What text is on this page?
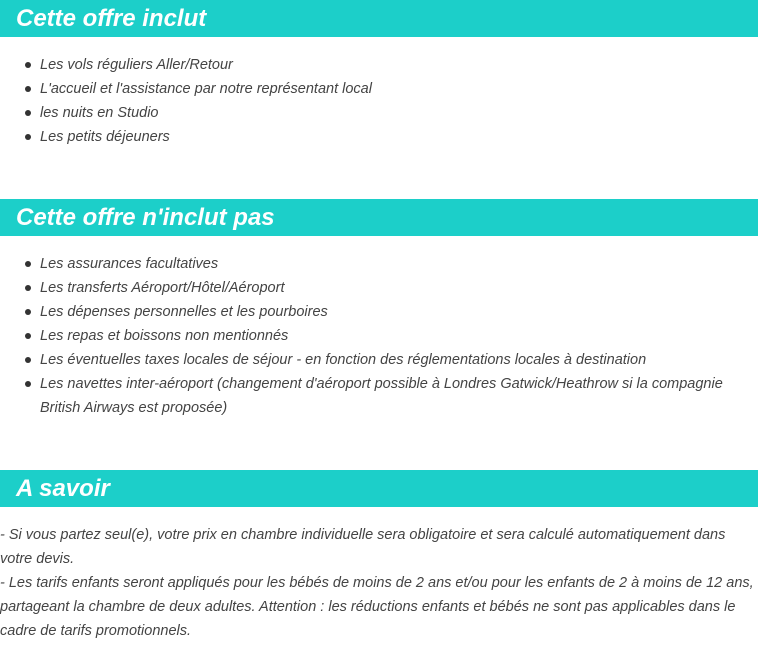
Cette offre inclut
Les vols réguliers Aller/Retour
L'accueil et l'assistance par notre représentant local
les nuits en Studio
Les petits déjeuners
Cette offre n'inclut pas
Les assurances facultatives
Les transferts Aéroport/Hôtel/Aéroport
Les dépenses personnelles et les pourboires
Les repas et boissons non mentionnés
Les éventuelles taxes locales de séjour - en fonction des réglementations locales à destination
Les navettes inter-aéroport (changement d'aéroport possible à Londres Gatwick/Heathrow si la compagnie British Airways est proposée)
A savoir

- Si vous partez seul(e), votre prix en chambre individuelle sera obligatoire et sera calculé automatiquement dans votre devis.

- Les tarifs enfants seront appliqués pour les bébés de moins de 2 ans et/ou pour les enfants de 2 à moins de 12 ans, partageant la chambre de deux adultes. Attention : les réductions enfants et bébés ne sont pas applicables dans le cadre de tarifs promotionnels.
